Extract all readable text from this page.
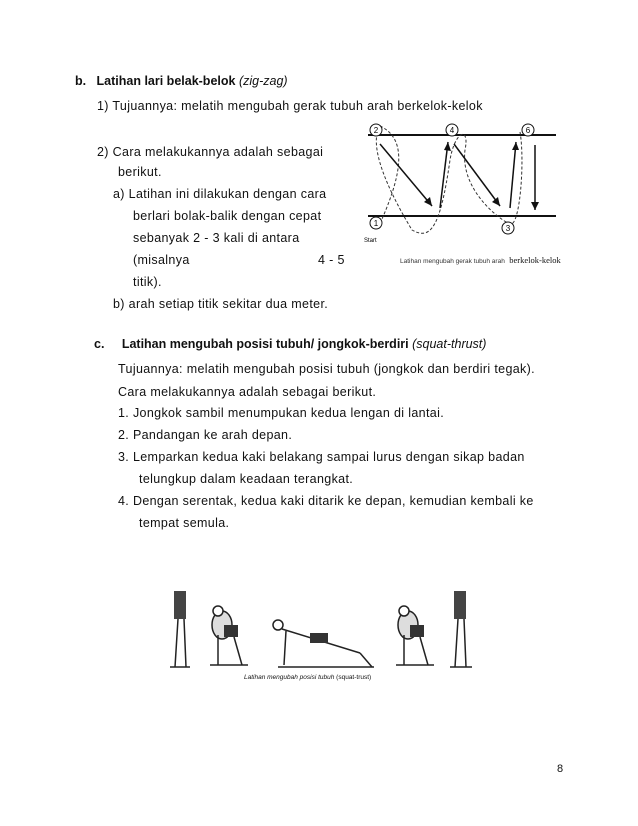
b. Latihan lari belak-belok (zig-zag)
1) Tujuannya: melatih mengubah gerak tubuh arah berkelok-kelok
2) Cara melakukannya adalah sebagai
berikut.
a) Latihan ini dilakukan dengan cara
berlari bolak-balik dengan cepat
sebanyak 2 - 3 kali di antara
(misalnya	4 - 5
titik).
b) arah setiap titik sekitar dua meter.
2	4	6
1
3
Start
Latihan mengubah gerak tubuh arah berkelok-kelok
c. Latihan mengubah posisi tubuh/ jongkok-berdiri (squat-thrust)
Tujuannya: melatih mengubah posisi tubuh (jongkok dan berdiri tegak).
Cara melakukannya adalah sebagai berikut.
1. Jongkok sambil menumpukan kedua lengan di lantai.
2. Pandangan ke arah depan.
3. Lemparkan kedua kaki belakang sampai lurus dengan sikap badan
telungkup dalam keadaan terangkat.
4. Dengan serentak, kedua kaki ditarik ke depan, kemudian kembali ke
tempat semula.
Latihan mengubah posisi tubuh (squat-trust)
8
